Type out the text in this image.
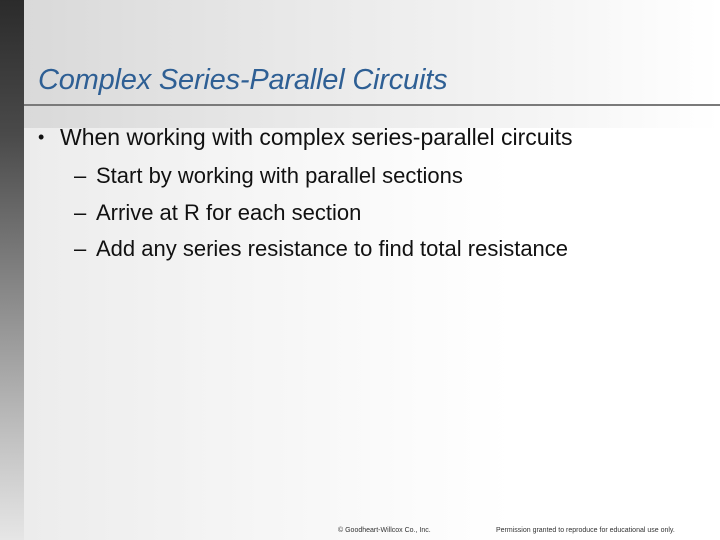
Complex Series-Parallel Circuits
• When working with complex series-parallel circuits
– Start by working with parallel sections
– Arrive at R for each section
– Add any series resistance to find total resistance
© Goodheart-Willcox Co., Inc.	Permission granted to reproduce for educational use only.
